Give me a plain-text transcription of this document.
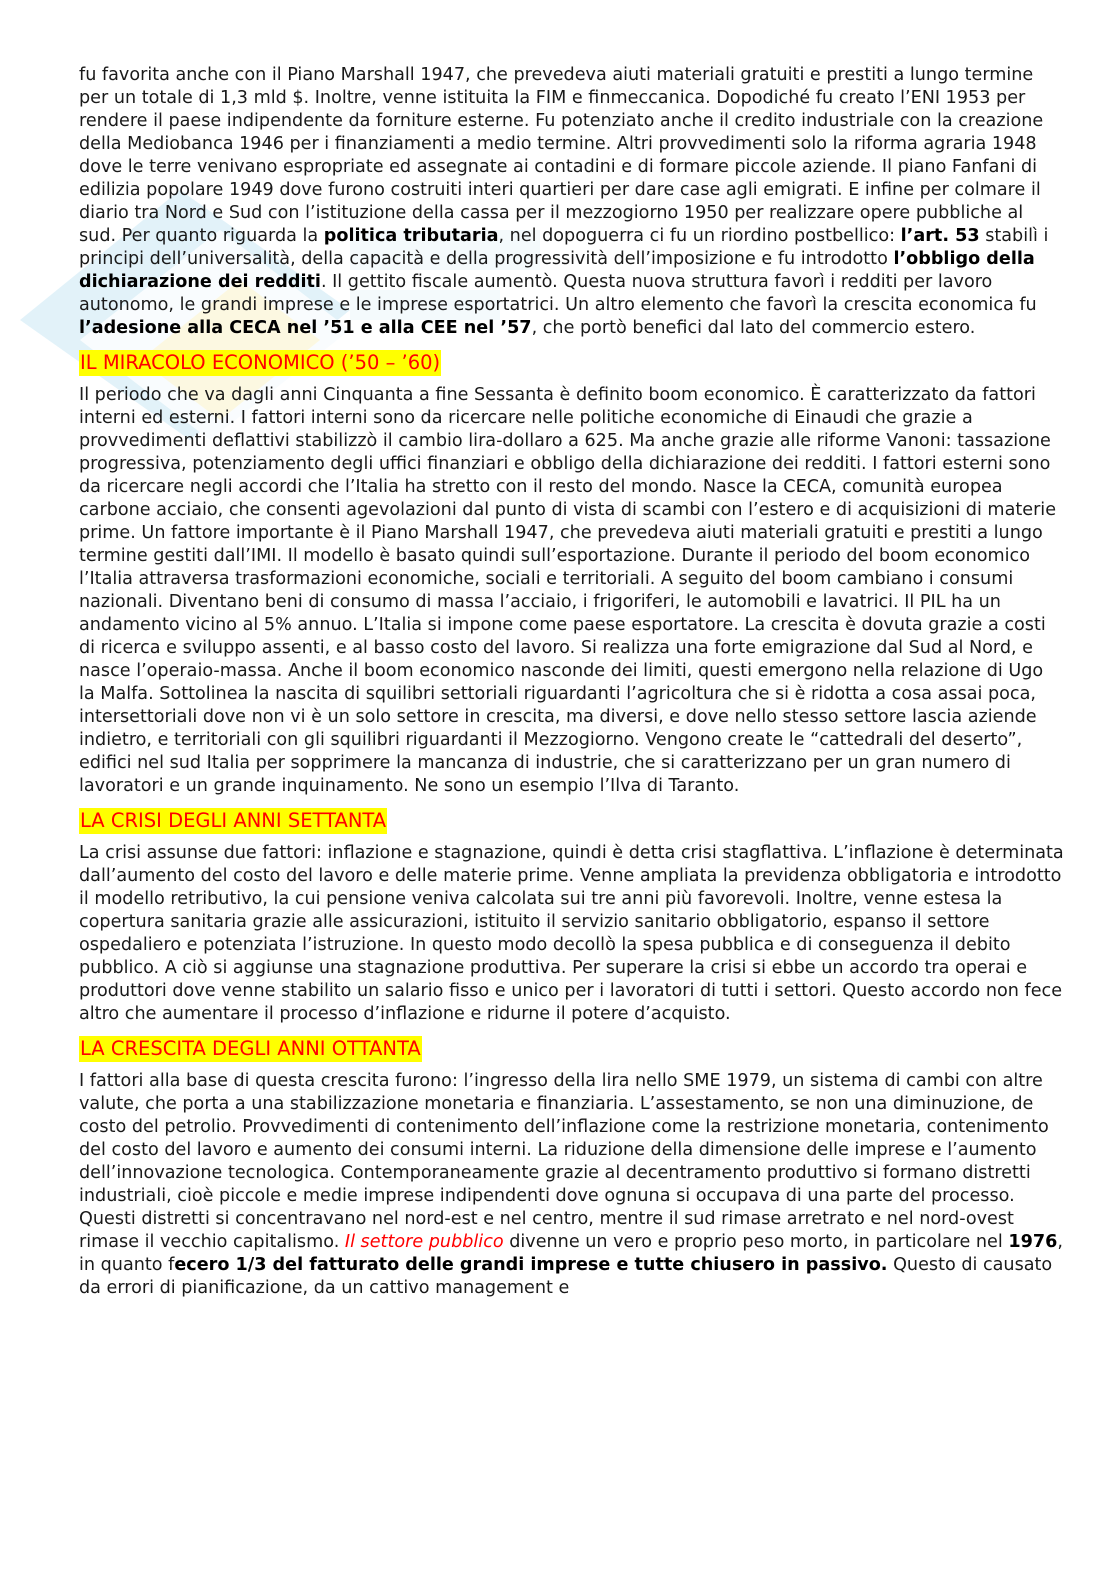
fu favorita anche con il Piano Marshall 1947, che prevedeva aiuti materiali gratuiti e prestiti a lungo termine per un totale di 1,3 mld $. Inoltre, venne istituita la FIM e finmeccanica. Dopodiché fu creato l’ENI 1953 per rendere il paese indipendente da forniture esterne. Fu potenziato anche il credito industriale con la creazione della Mediobanca 1946 per i finanziamenti a medio termine. Altri provvedimenti solo la riforma agraria 1948 dove le terre venivano espropriate ed assegnate ai contadini e di formare piccole aziende. Il piano Fanfani di edilizia popolare 1949 dove furono costruiti interi quartieri per dare case agli emigrati. E infine per colmare il diario tra Nord e Sud con l’istituzione della cassa per il mezzogiorno 1950 per realizzare opere pubbliche al sud. Per quanto riguarda la politica tributaria, nel dopoguerra ci fu un riordino postbellico: l’art. 53 stabilì i principi dell’universalità, della capacità e della progressività dell’imposizione e fu introdotto l’obbligo della dichiarazione dei redditi. Il gettito fiscale aumentò. Questa nuova struttura favorì i redditi per lavoro autonomo, le grandi imprese e le imprese esportatrici. Un altro elemento che favorì la crescita economica fu l’adesione alla CECA nel ’51 e alla CEE nel ’57, che portò benefici dal lato del commercio estero.

IL MIRACOLO ECONOMICO (’50 – ’60)

Il periodo che va dagli anni Cinquanta a fine Sessanta è definito boom economico. È caratterizzato da fattori interni ed esterni. I fattori interni sono da ricercare nelle politiche economiche di Einaudi che grazie a provvedimenti deflattivi stabilizzò il cambio lira-dollaro a 625. Ma anche grazie alle riforme Vanoni: tassazione progressiva, potenziamento degli uffici finanziari e obbligo della dichiarazione dei redditi. I fattori esterni sono da ricercare negli accordi che l’Italia ha stretto con il resto del mondo. Nasce la CECA, comunità europea carbone acciaio, che consenti agevolazioni dal punto di vista di scambi con l’estero e di acquisizioni di materie prime. Un fattore importante è il Piano Marshall 1947, che prevedeva aiuti materiali gratuiti e prestiti a lungo termine gestiti dall’IMI. Il modello è basato quindi sull’esportazione. Durante il periodo del boom economico l’Italia attraversa trasformazioni economiche, sociali e territoriali. A seguito del boom cambiano i consumi nazionali. Diventano beni di consumo di massa l’acciaio, i frigoriferi, le automobili e lavatrici. Il PIL ha un andamento vicino al 5% annuo. L’Italia si impone come paese esportatore. La crescita è dovuta grazie a costi di ricerca e sviluppo assenti, e al basso costo del lavoro. Si realizza una forte emigrazione dal Sud al Nord, e nasce l’operaio-massa. Anche il boom economico nasconde dei limiti, questi emergono nella relazione di Ugo la Malfa. Sottolinea la nascita di squilibri settoriali riguardanti l’agricoltura che si è ridotta a cosa assai poca, intersettoriali dove non vi è un solo settore in crescita, ma diversi, e dove nello stesso settore lascia aziende indietro, e territoriali con gli squilibri riguardanti il Mezzogiorno. Vengono create le “cattedrali del deserto”, edifici nel sud Italia per sopprimere la mancanza di industrie, che si caratterizzano per un gran numero di lavoratori e un grande inquinamento. Ne sono un esempio l’Ilva di Taranto.

LA CRISI DEGLI ANNI SETTANTA

La crisi assunse due fattori: inflazione e stagnazione, quindi è detta crisi stagflattiva. L’inflazione è determinata dall’aumento del costo del lavoro e delle materie prime. Venne ampliata la previdenza obbligatoria e introdotto il modello retributivo, la cui pensione veniva calcolata sui tre anni più favorevoli. Inoltre, venne estesa la copertura sanitaria grazie alle assicurazioni, istituito il servizio sanitario obbligatorio, espanso il settore ospedaliero e potenziata l’istruzione. In questo modo decollò la spesa pubblica e di conseguenza il debito pubblico. A ciò si aggiunse una stagnazione produttiva. Per superare la crisi si ebbe un accordo tra operai e produttori dove venne stabilito un salario fisso e unico per i lavoratori di tutti i settori. Questo accordo non fece altro che aumentare il processo d’inflazione e ridurne il potere d’acquisto.

LA CRESCITA DEGLI ANNI OTTANTA

I fattori alla base di questa crescita furono: l’ingresso della lira nello SME 1979, un sistema di cambi con altre valute, che porta a una stabilizzazione monetaria e finanziaria. L’assestamento, se non una diminuzione, de costo del petrolio. Provvedimenti di contenimento dell’inflazione come la restrizione monetaria, contenimento del costo del lavoro e aumento dei consumi interni. La riduzione della dimensione delle imprese e l’aumento dell’innovazione tecnologica. Contemporaneamente grazie al decentramento produttivo si formano distretti industriali, cioè piccole e medie imprese indipendenti dove ognuna si occupava di una parte del processo. Questi distretti si concentravano nel nord-est e nel centro, mentre il sud rimase arretrato e nel nord-ovest rimase il vecchio capitalismo. Il settore pubblico divenne un vero e proprio peso morto, in particolare nel 1976, in quanto fecero 1/3 del fatturato delle grandi imprese e tutte chiusero in passivo. Questo di causato da errori di pianificazione, da un cattivo management e
